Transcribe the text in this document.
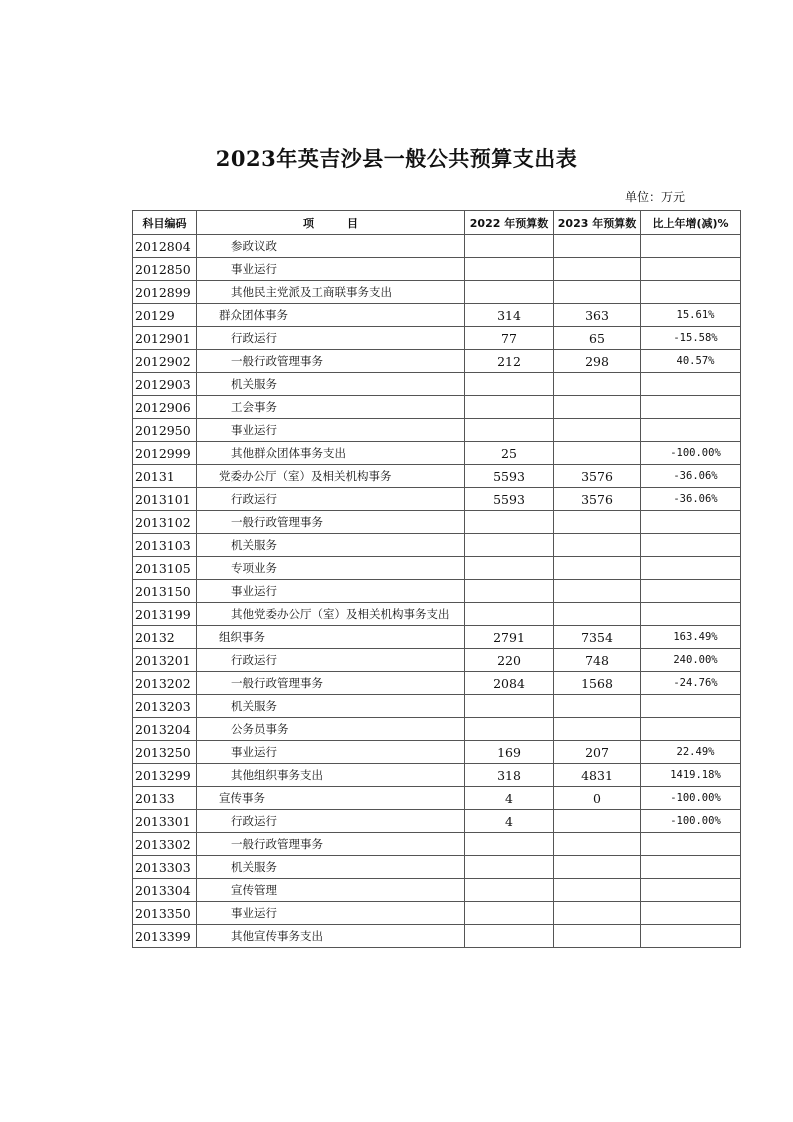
2023年英吉沙县一般公共预算支出表
单位：万元
科目编码	项　　　目	2022 年预算数	2023 年预算数	比上年增(减)%
2012804	参政议政			
2012850	事业运行			
2012899	其他民主党派及工商联事务支出			
20129	群众团体事务	314	363	15.61%
2012901	行政运行	77	65	-15.58%
2012902	一般行政管理事务	212	298	40.57%
2012903	机关服务			
2012906	工会事务			
2012950	事业运行			
2012999	其他群众团体事务支出	25		-100.00%
20131	党委办公厅（室）及相关机构事务	5593	3576	-36.06%
2013101	行政运行	5593	3576	-36.06%
2013102	一般行政管理事务			
2013103	机关服务			
2013105	专项业务			
2013150	事业运行			
2013199	其他党委办公厅（室）及相关机构事务支出			
20132	组织事务	2791	7354	163.49%
2013201	行政运行	220	748	240.00%
2013202	一般行政管理事务	2084	1568	-24.76%
2013203	机关服务			
2013204	公务员事务			
2013250	事业运行	169	207	22.49%
2013299	其他组织事务支出	318	4831	1419.18%
20133	宣传事务	4	0	-100.00%
2013301	行政运行	4		-100.00%
2013302	一般行政管理事务			
2013303	机关服务			
2013304	宣传管理			
2013350	事业运行			
2013399	其他宣传事务支出			
